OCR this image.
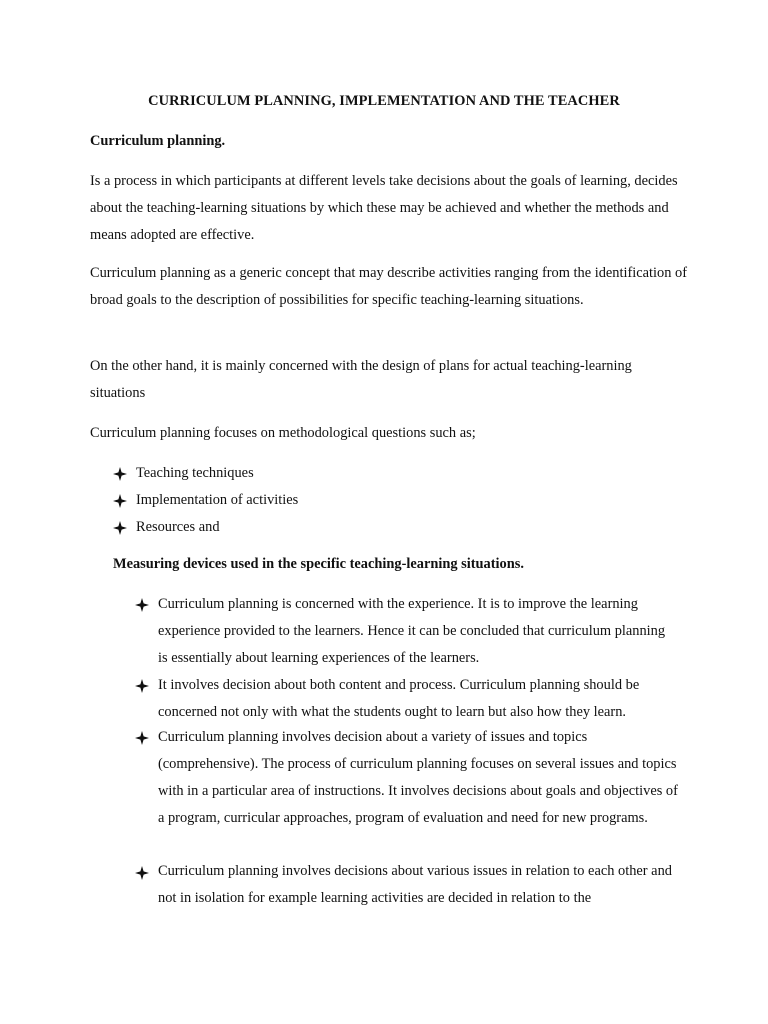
CURRICULUM PLANNING, IMPLEMENTATION AND THE TEACHER
Curriculum planning.

Is a process in which participants at different levels take decisions about the goals of learning, decides about the teaching-learning situations by which these may be achieved and whether the methods and means adopted are effective.

Curriculum planning as a generic concept that may describe activities ranging from the identification of broad goals to the description of possibilities for specific teaching-learning situations.

On the other hand, it is mainly concerned with the design of plans for actual teaching-learning situations

Curriculum planning focuses on methodological questions such as;

Teaching techniques
Implementation of activities
Resources and
Measuring devices used in the specific teaching-learning situations.

Curriculum planning is concerned with the experience. It is to improve the learning experience provided to the learners. Hence it can be concluded that curriculum planning is essentially about learning experiences of the learners.

It involves decision about both content and process. Curriculum planning should be concerned not only with what the students ought to learn but also how they learn.

Curriculum planning involves decision about a variety of issues and topics (comprehensive). The process of curriculum planning focuses on several issues and topics with in a particular area of instructions. It involves decisions about goals and objectives of a program, curricular approaches, program of evaluation and need for new programs.

Curriculum planning involves decisions about various issues in relation to each other and not in isolation for example learning activities are decided in relation to the
